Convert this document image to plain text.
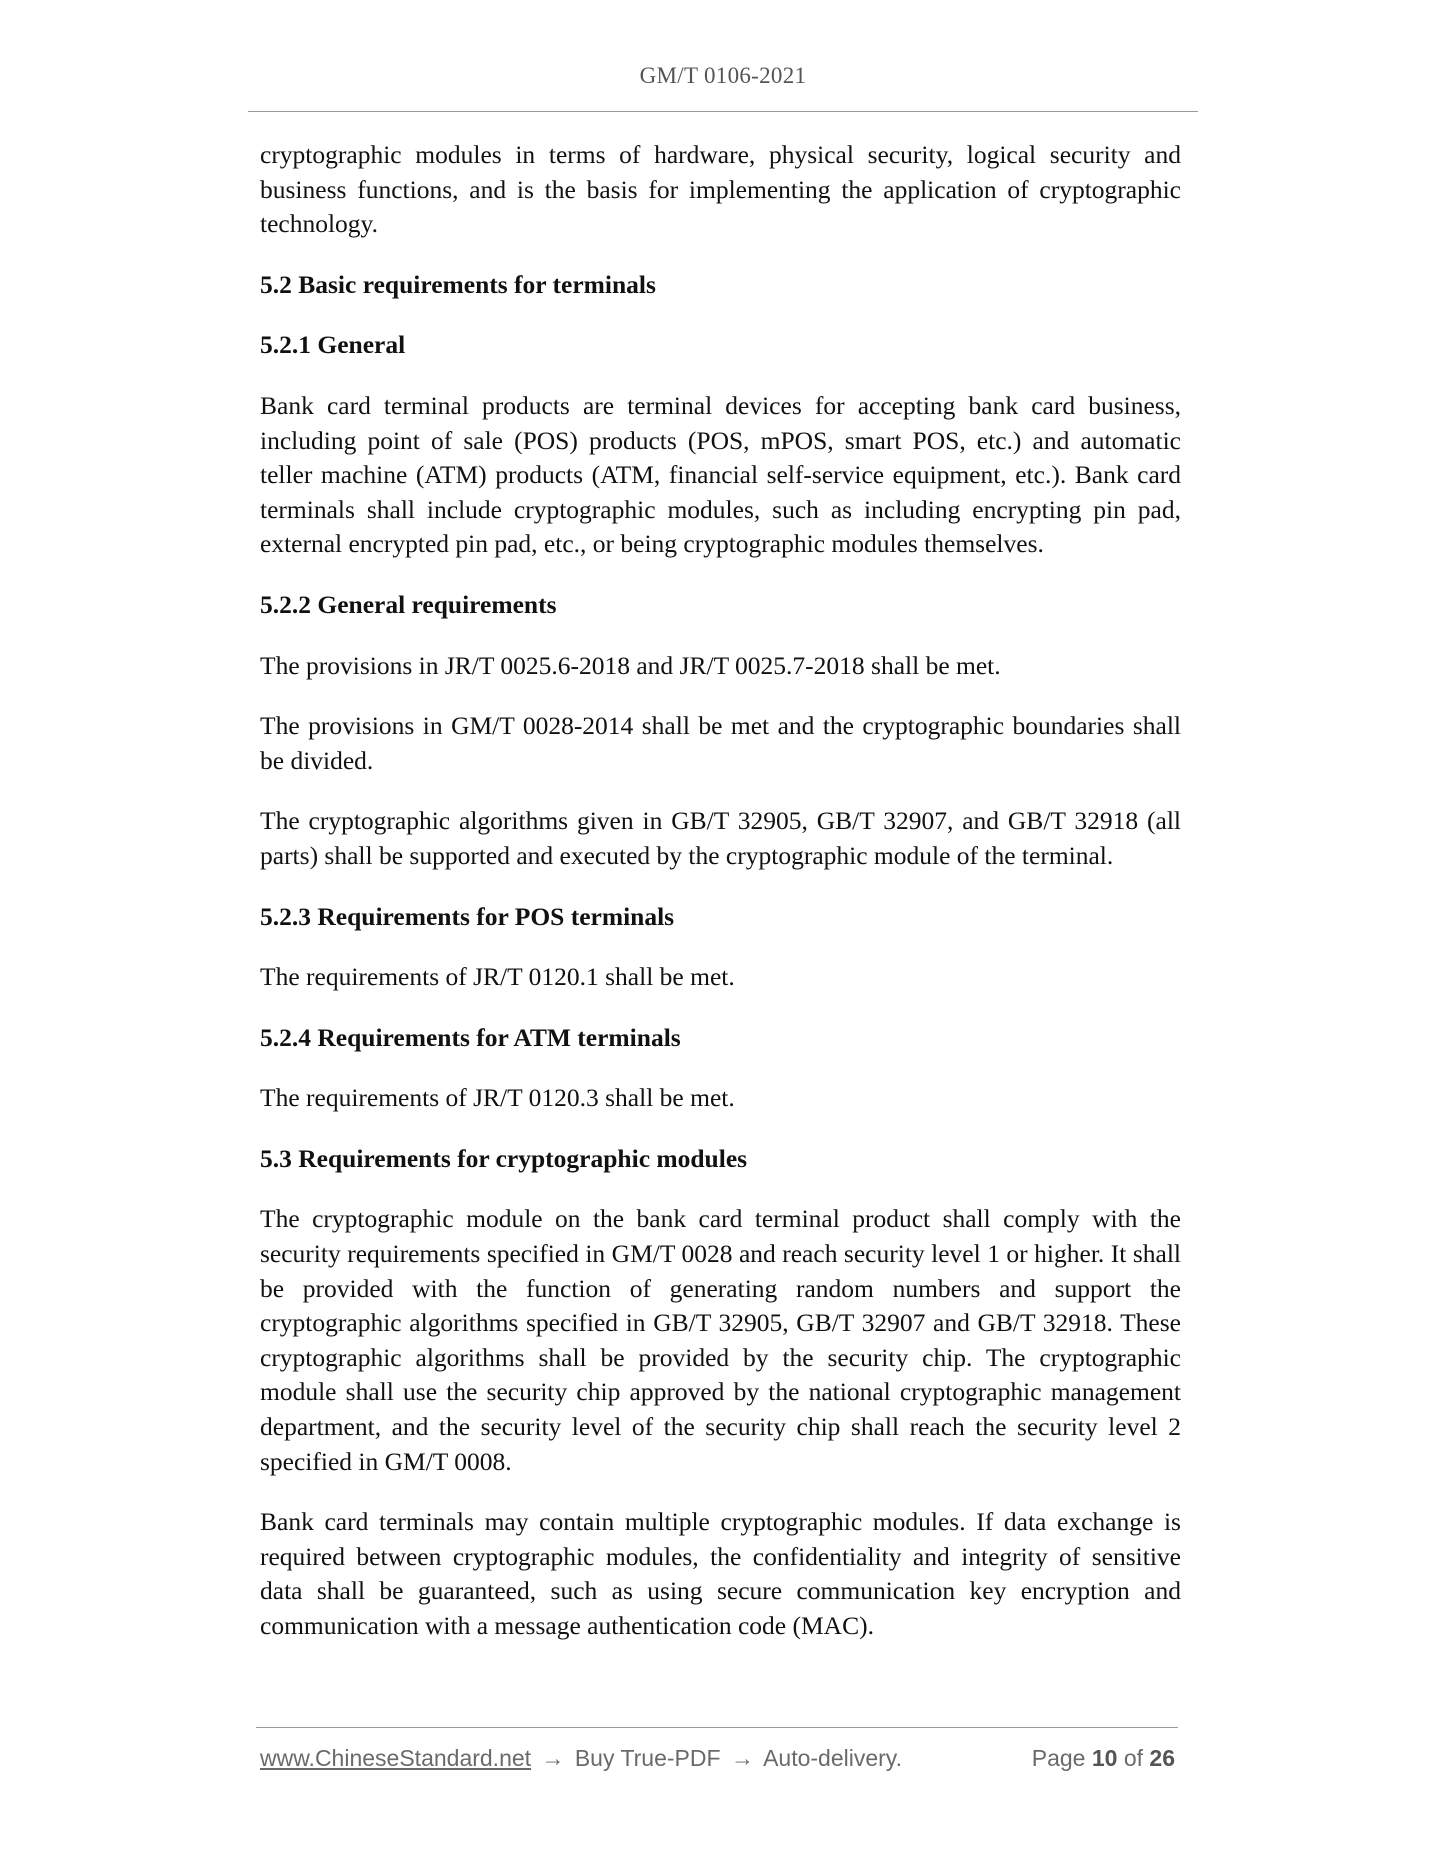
GM/T 0106-2021

cryptographic modules in terms of hardware, physical security, logical security and business functions, and is the basis for implementing the application of cryptographic technology.

5.2 Basic requirements for terminals
5.2.1 General

Bank card terminal products are terminal devices for accepting bank card business, including point of sale (POS) products (POS, mPOS, smart POS, etc.) and automatic teller machine (ATM) products (ATM, financial self-service equipment, etc.). Bank card terminals shall include cryptographic modules, such as including encrypting pin pad, external encrypted pin pad, etc., or being cryptographic modules themselves.

5.2.2 General requirements

The provisions in JR/T 0025.6-2018 and JR/T 0025.7-2018 shall be met.

The provisions in GM/T 0028-2014 shall be met and the cryptographic boundaries shall be divided.

The cryptographic algorithms given in GB/T 32905, GB/T 32907, and GB/T 32918 (all parts) shall be supported and executed by the cryptographic module of the terminal.

5.2.3 Requirements for POS terminals

The requirements of JR/T 0120.1 shall be met.

5.2.4 Requirements for ATM terminals

The requirements of JR/T 0120.3 shall be met.

5.3 Requirements for cryptographic modules

The cryptographic module on the bank card terminal product shall comply with the security requirements specified in GM/T 0028 and reach security level 1 or higher. It shall be provided with the function of generating random numbers and support the cryptographic algorithms specified in GB/T 32905, GB/T 32907 and GB/T 32918. These cryptographic algorithms shall be provided by the security chip. The cryptographic module shall use the security chip approved by the national cryptographic management department, and the security level of the security chip shall reach the security level 2 specified in GM/T 0008.

Bank card terminals may contain multiple cryptographic modules. If data exchange is required between cryptographic modules, the confidentiality and integrity of sensitive data shall be guaranteed, such as using secure communication key encryption and communication with a message authentication code (MAC).

www.ChineseStandard.net → Buy True-PDF → Auto-delivery.	Page 10 of 26
